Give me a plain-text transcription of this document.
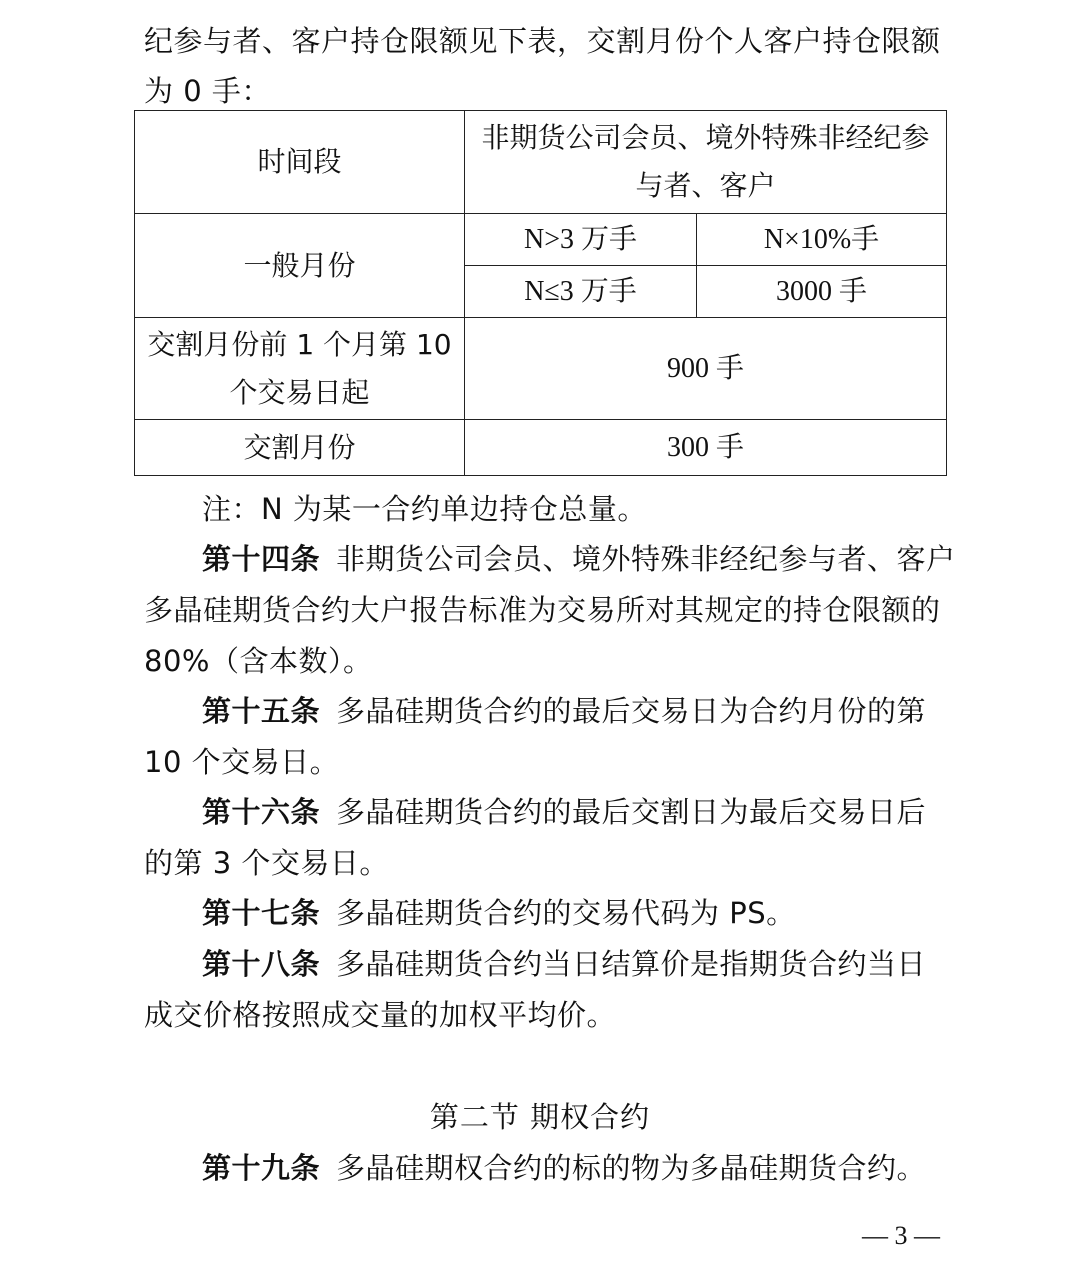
纪参与者、客户持仓限额见下表，交割月份个人客户持仓限额
为 0 手：
时间段	非期货公司会员、境外特殊非经纪参与者、客户	
一般月份	N>3 万手	N×10%手
	N≤3 万手	3000 手
交割月份前 1 个月第 10 个交易日起	900 手	
交割月份	300 手	
注：N 为某一合约单边持仓总量。
第十四条 非期货公司会员、境外特殊非经纪参与者、客户
多晶硅期货合约大户报告标准为交易所对其规定的持仓限额的
80%（含本数）。
第十五条 多晶硅期货合约的最后交易日为合约月份的第
10 个交易日。
第十六条 多晶硅期货合约的最后交割日为最后交易日后
的第 3 个交易日。
第十七条 多晶硅期货合约的交易代码为 PS。
第十八条 多晶硅期货合约当日结算价是指期货合约当日
成交价格按照成交量的加权平均价。
第二节 期权合约
第十九条 多晶硅期权合约的标的物为多晶硅期货合约。
— 3 —
